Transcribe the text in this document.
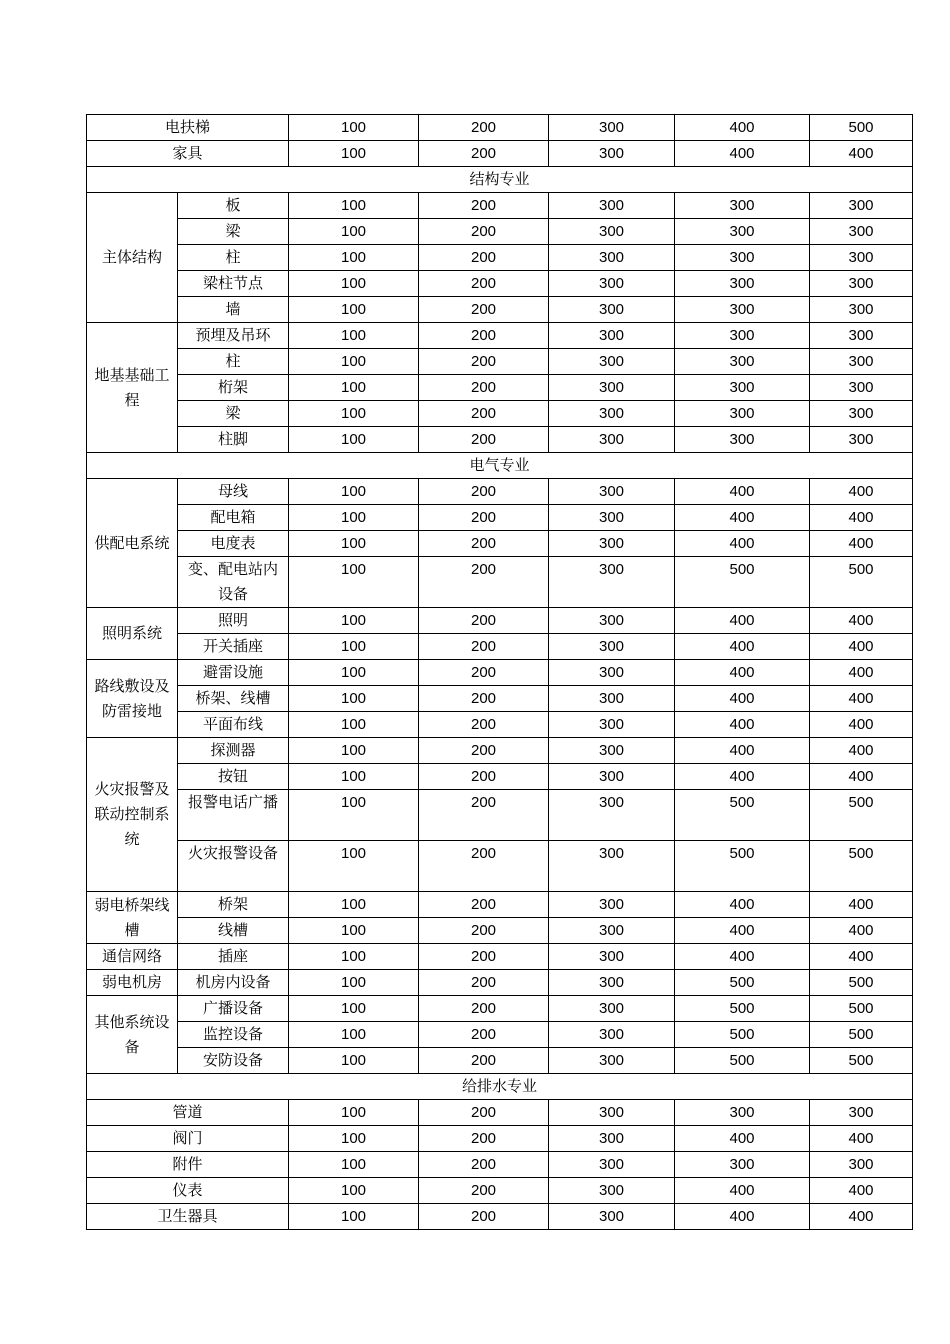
电扶梯		100	200	300	400	500
家具		100	200	300	400	400
结构专业						
主体结构	板	100	200	300	300	300
	梁	100	200	300	300	300
	柱	100	200	300	300	300
	梁柱节点	100	200	300	300	300
	墙	100	200	300	300	300
地基基础工程	预埋及吊环	100	200	300	300	300
	柱	100	200	300	300	300
	桁架	100	200	300	300	300
	梁	100	200	300	300	300
	柱脚	100	200	300	300	300
电气专业						
供配电系统	母线	100	200	300	400	400
	配电箱	100	200	300	400	400
	电度表	100	200	300	400	400
	变、配电站内设备	100	200	300	500	500
照明系统	照明	100	200	300	400	400
	开关插座	100	200	300	400	400
路线敷设及防雷接地	避雷设施	100	200	300	400	400
	桥架、线槽	100	200	300	400	400
	平面布线	100	200	300	400	400
火灾报警及联动控制系统	探测器	100	200	300	400	400
	按钮	100	200	300	400	400
	报警电话广播	100	200	300	500	500
	火灾报警设备	100	200	300	500	500
弱电桥架线槽	桥架	100	200	300	400	400
	线槽	100	200	300	400	400
通信网络	插座	100	200	300	400	400
弱电机房	机房内设备	100	200	300	500	500
其他系统设备	广播设备	100	200	300	500	500
	监控设备	100	200	300	500	500
	安防设备	100	200	300	500	500
给排水专业						
管道		100	200	300	300	300
阀门		100	200	300	400	400
附件		100	200	300	300	300
仪表		100	200	300	400	400
卫生器具		100	200	300	400	400
